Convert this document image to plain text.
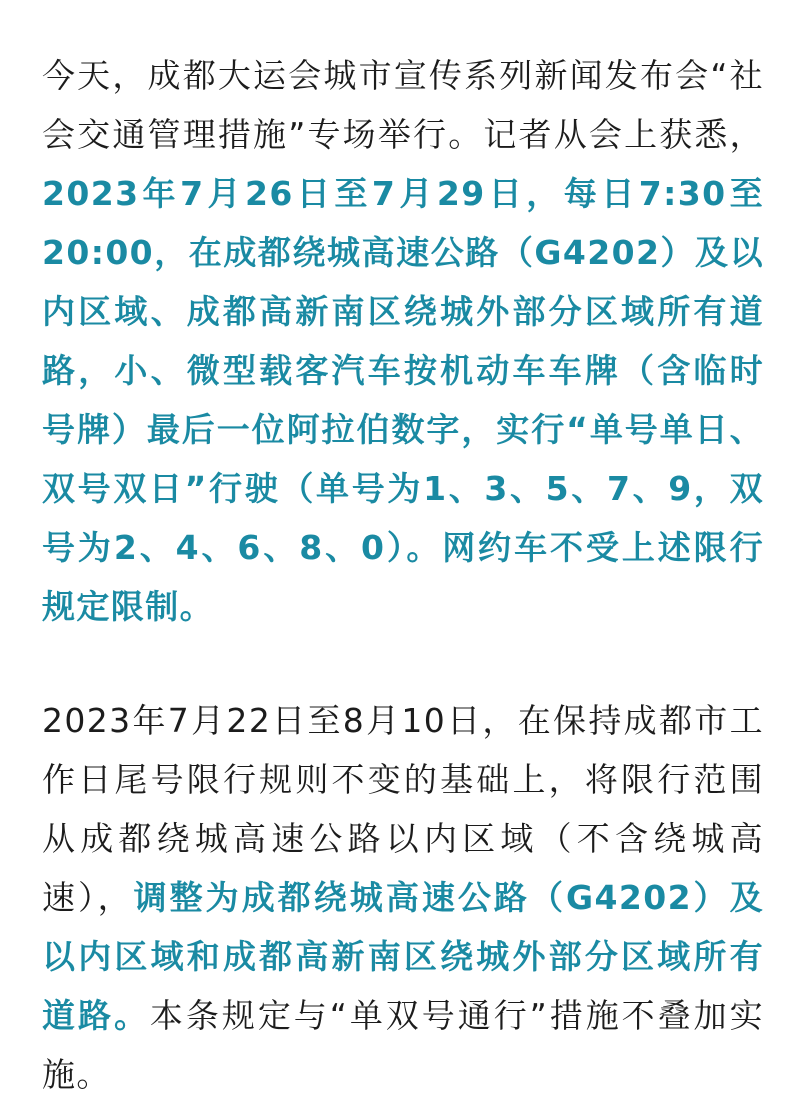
今天，成都大运会城市宣传系列新闻发布会“社会交通管理措施”专场举行。记者从会上获悉，2023年7月26日至7月29日，每日7:30至20:00，在成都绕城高速公路（G4202）及以内区域、成都高新南区绕城外部分区域所有道路，小、微型载客汽车按机动车车牌（含临时号牌）最后一位阿拉伯数字，实行“单号单日、双号双日”行驶（单号为1、3、5、7、9，双号为2、4、6、8、0）。网约车不受上述限行规定限制。

2023年7月22日至8月10日，在保持成都市工作日尾号限行规则不变的基础上，将限行范围从成都绕城高速公路以内区域（不含绕城高速），调整为成都绕城高速公路（G4202）及以内区域和成都高新南区绕城外部分区域所有道路。本条规定与“单双号通行”措施不叠加实施。
